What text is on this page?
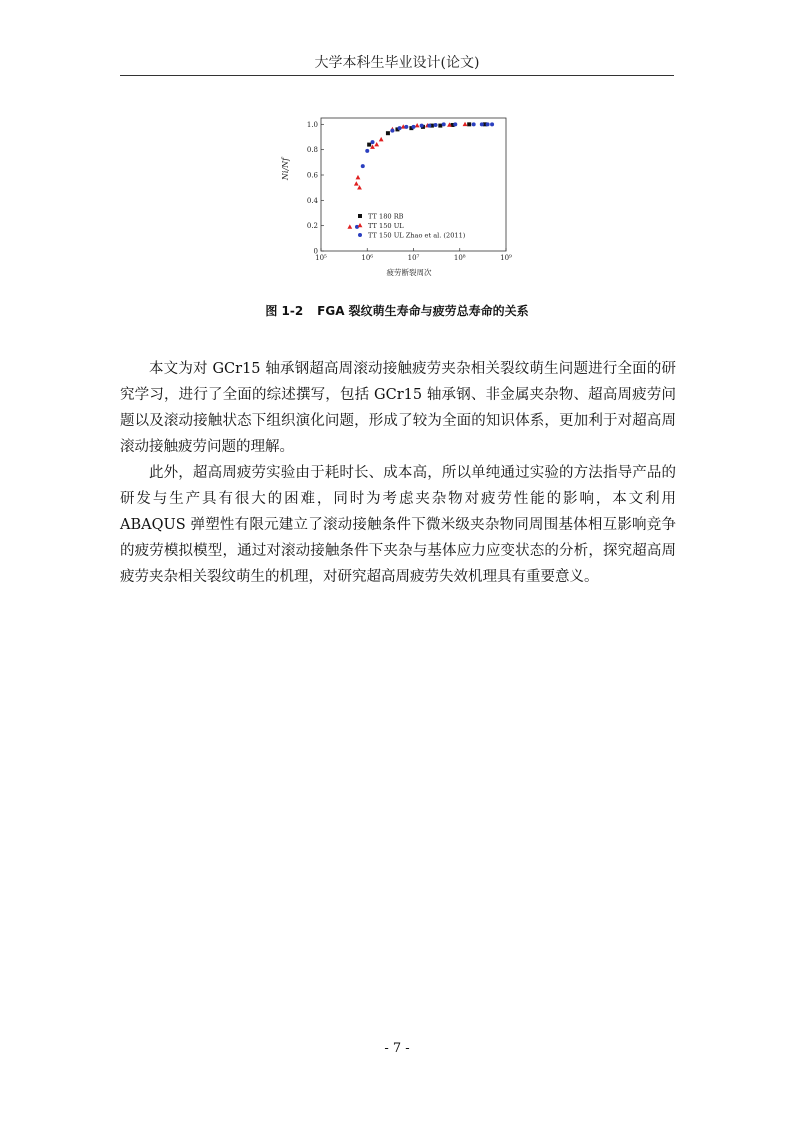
大学本科生毕业设计(论文)
0
0.2
0.4
0.6
0.8
1.0
10⁵	10⁶	10⁷	10⁸	10⁹
TT 180 RB
TT 150 UL
TT 150 UL Zhao et al. (2011)
Ni/Nf
疲劳断裂周次
图 1-2 FGA 裂纹萌生寿命与疲劳总寿命的关系

本文为对 GCr15 轴承钢超高周滚动接触疲劳夹杂相关裂纹萌生问题进行全面的研究学习，进行了全面的综述撰写，包括 GCr15 轴承钢、非金属夹杂物、超高周疲劳问题以及滚动接触状态下组织演化问题，形成了较为全面的知识体系，更加利于对超高周滚动接触疲劳问题的理解。

此外，超高周疲劳实验由于耗时长、成本高，所以单纯通过实验的方法指导产品的研发与生产具有很大的困难，同时为考虑夹杂物对疲劳性能的影响，本文利用 ABAQUS 弹塑性有限元建立了滚动接触条件下微米级夹杂物同周围基体相互影响竞争的疲劳模拟模型，通过对滚动接触条件下夹杂与基体应力应变状态的分析，探究超高周疲劳夹杂相关裂纹萌生的机理，对研究超高周疲劳失效机理具有重要意义。

- 7 -
